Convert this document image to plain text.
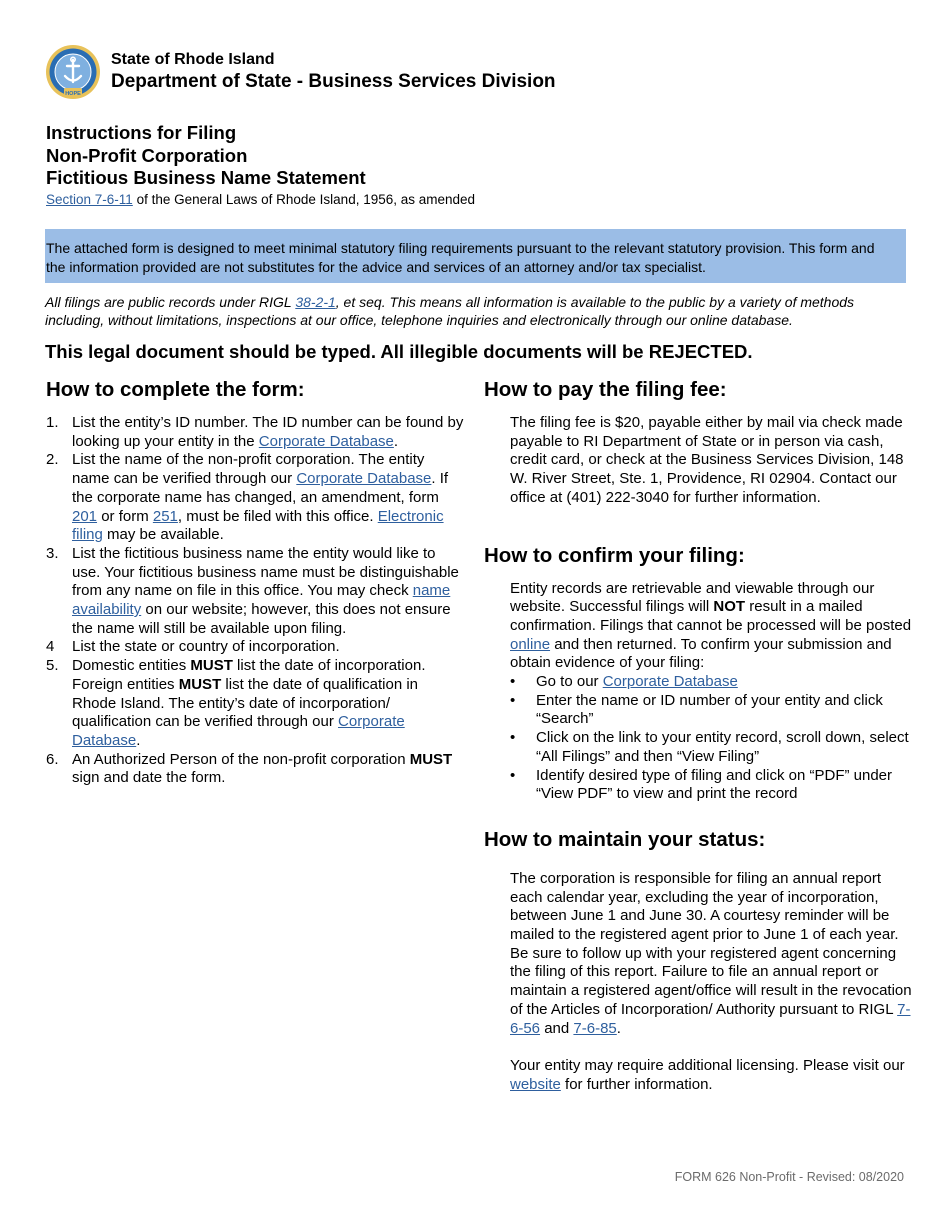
HOPE
State of Rhode Island
Department of State - Business Services Division
Instructions for Filing
Non-Profit Corporation
Fictitious Business Name Statement
Section 7-6-11 of the General Laws of Rhode Island, 1956, as amended
The attached form is designed to meet minimal statutory filing requirements pursuant to the relevant statutory provision. This form and
the information provided are not substitutes for the advice and services of an attorney and/or tax specialist.
All filings are public records under RIGL 38-2-1, et seq. This means all information is available to the public by a variety of methods including, without limitations, inspections at our office, telephone inquiries and electronically through our online database.
This legal document should be typed. All illegible documents will be REJECTED.
How to complete the form:
1. List the entity’s ID number. The ID number can be found by looking up your entity in the Corporate Database.
2. List the name of the non-profit corporation. The entity name can be verified through our Corporate Database. If the corporate name has changed, an amendment, form 201 or form 251, must be filed with this office. Electronic filing may be available.
3. List the fictitious business name the entity would like to use. Your fictitious business name must be distinguishable from any name on file in this office. You may check name availability on our website; however, this does not ensure the name will still be available upon filing.
4	List the state or country of incorporation.
5. Domestic entities MUST list the date of incorporation. Foreign entities MUST list the date of qualification in Rhode Island. The entity’s date of incorporation/ qualification can be verified through our Corporate Database.
6. An Authorized Person of the non-profit corporation MUST sign and date the form.
How to pay the filing fee:
The filing fee is $20, payable either by mail via check made payable to RI Department of State or in person via cash, credit card, or check at the Business Services Division, 148 W. River Street, Ste. 1, Providence, RI 02904. Contact our office at (401) 222-3040 for further information.
How to confirm your filing:
Entity records are retrievable and viewable through our website. Successful filings will NOT result in a mailed confirmation. Filings that cannot be processed will be posted online and then returned. To confirm your submission and obtain evidence of your filing:
•	Go to our Corporate Database
•	Enter the name or ID number of your entity and click “Search”
•	Click on the link to your entity record, scroll down, select “All Filings” and then “View Filing”
•	Identify desired type of filing and click on “PDF” under “View PDF” to view and print the record
How to maintain your status:
The corporation is responsible for filing an annual report each calendar year, excluding the year of incorporation, between June 1 and June 30. A courtesy reminder will be mailed to the registered agent prior to June 1 of each year. Be sure to follow up with your registered agent concerning the filing of this report. Failure to file an annual report or maintain a registered agent/office will result in the revocation of the Articles of Incorporation/ Authority pursuant to RIGL 7-6-56 and 7-6-85.
Your entity may require additional licensing. Please visit our website for further information.
FORM 626 Non-Profit - Revised: 08/2020
